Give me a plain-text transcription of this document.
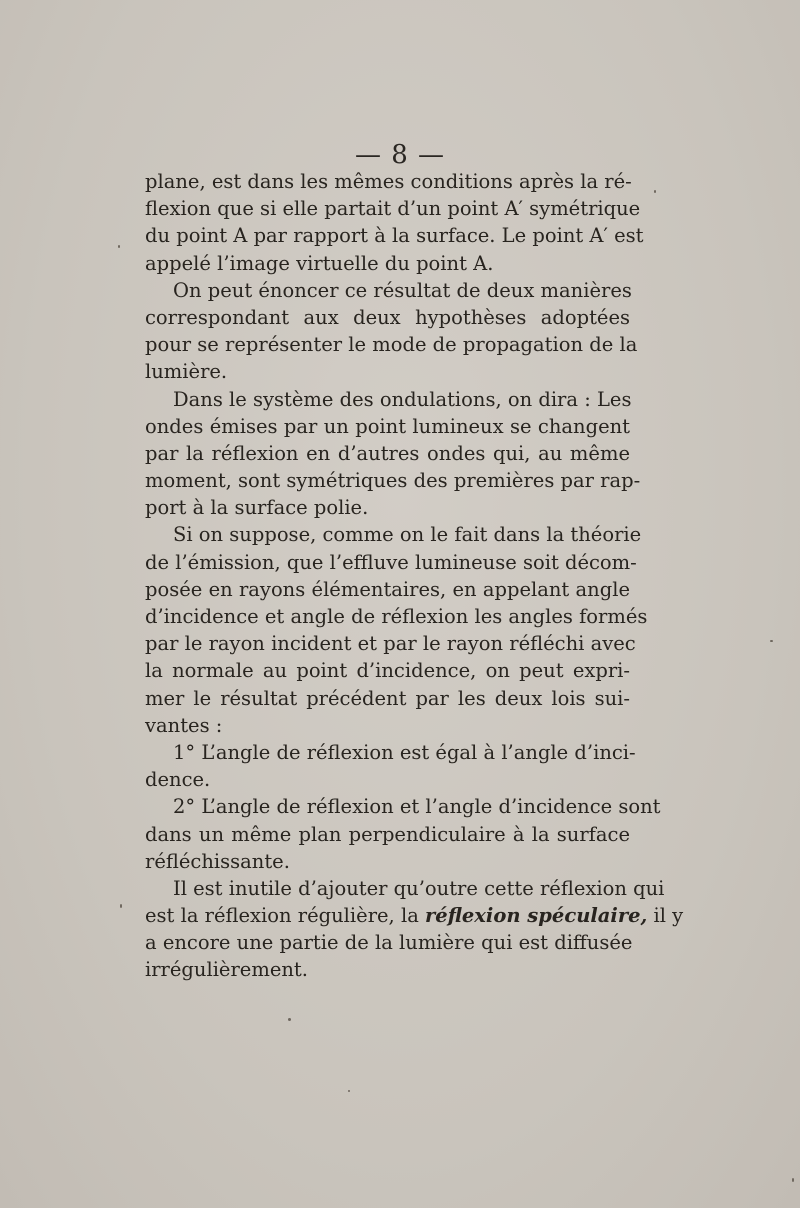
— 8 —
plane, est dans les mêmes conditions après la ré-
flexion que si elle partait d’un point A′ symétrique
du point A par rapport à la surface. Le point A′ est
appelé l’image virtuelle du point A.
On peut énoncer ce résultat de deux manières
correspondant aux deux hypothèses adoptées
pour se représenter le mode de propagation de la
lumière.
Dans le système des ondulations, on dira : Les
ondes émises par un point lumineux se changent
par la réflexion en d’autres ondes qui, au même
moment, sont symétriques des premières par rap-
port à la surface polie.
Si on suppose, comme on le fait dans la théorie
de l’émission, que l’effluve lumineuse soit décom-
posée en rayons élémentaires, en appelant angle
d’incidence et angle de réflexion les angles formés
par le rayon incident et par le rayon réfléchi avec
la normale au point d’incidence, on peut expri-
mer le résultat précédent par les deux lois sui-
vantes :
1° L’angle de réflexion est égal à l’angle d’inci-
dence.
2° L’angle de réflexion et l’angle d’incidence sont
dans un même plan perpendiculaire à la surface
réfléchissante.
Il est inutile d’ajouter qu’outre cette réflexion qui
est la réflexion régulière, la réflexion spéculaire, il y
a encore une partie de la lumière qui est diffusée
irrégulièrement.
